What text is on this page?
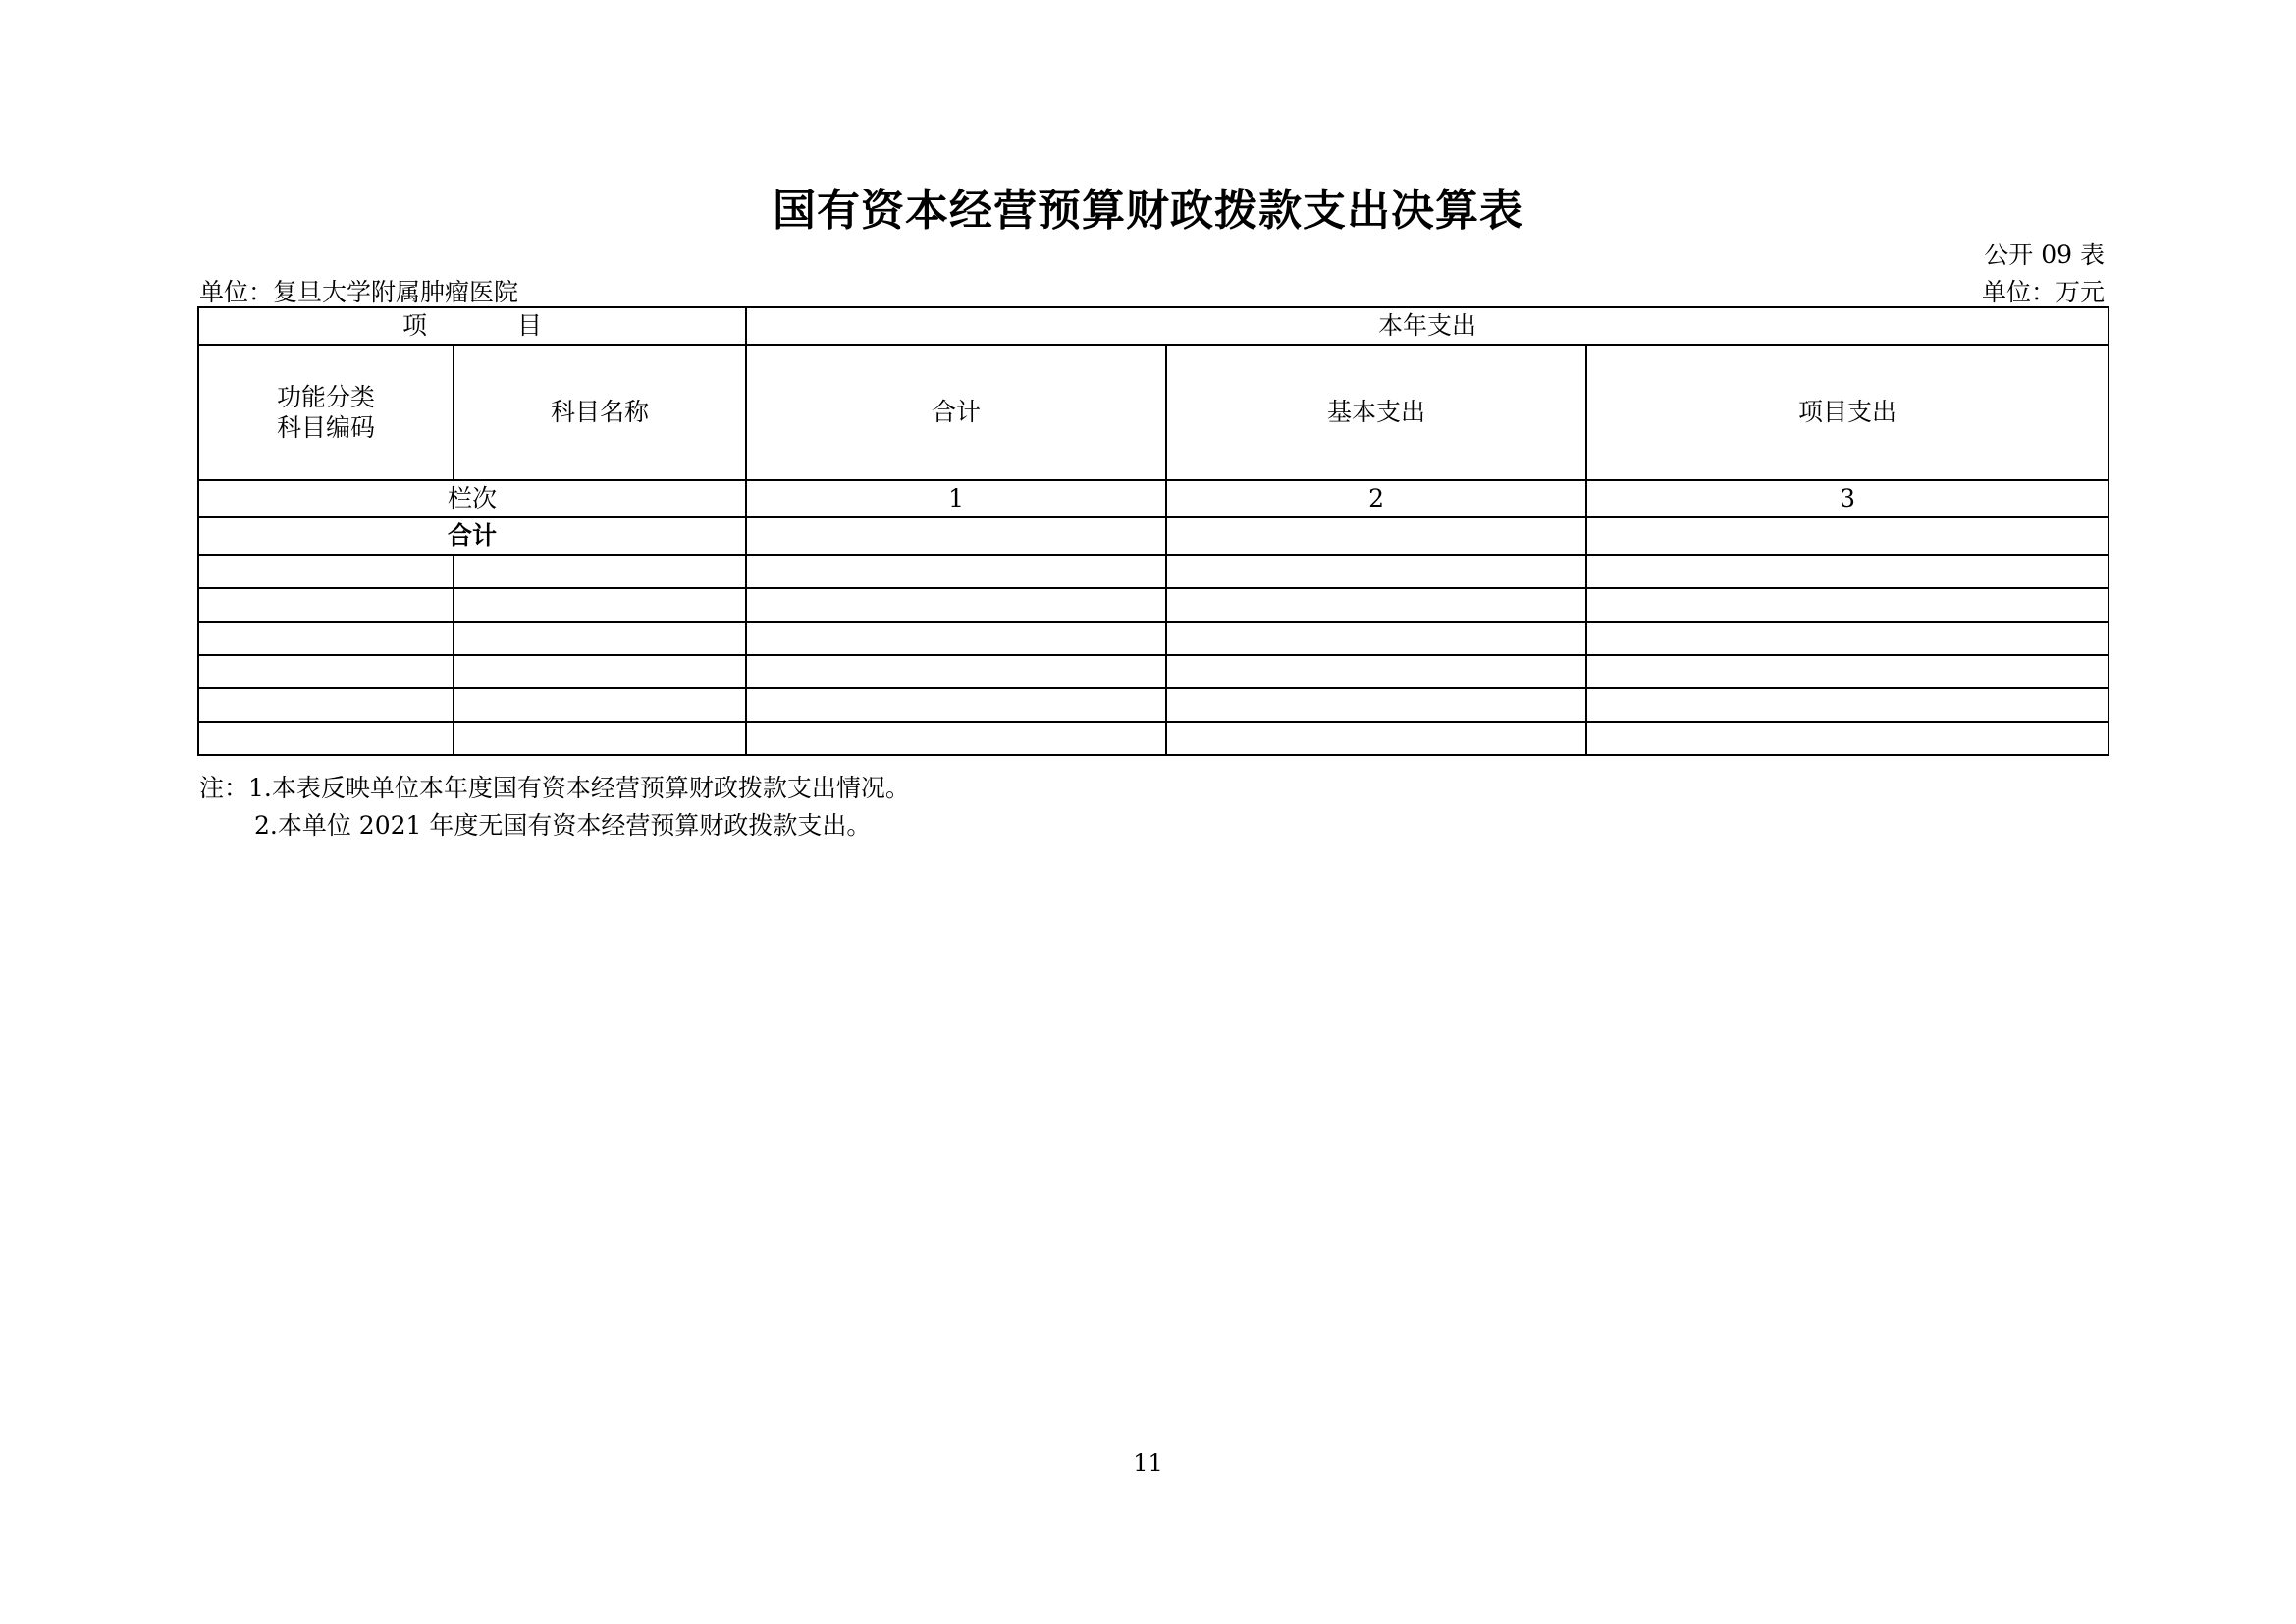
国有资本经营预算财政拨款支出决算表
公开 09 表
单位：复旦大学附属肿瘤医院	单位：万元
项 目		本年支出		
功能分类
科目编码	科目名称	合计	基本支出	项目支出
栏次		1	2	3
合计				

注：1.本表反映单位本年度国有资本经营预算财政拨款支出情况。
2.本单位 2021 年度无国有资本经营预算财政拨款支出。
11
